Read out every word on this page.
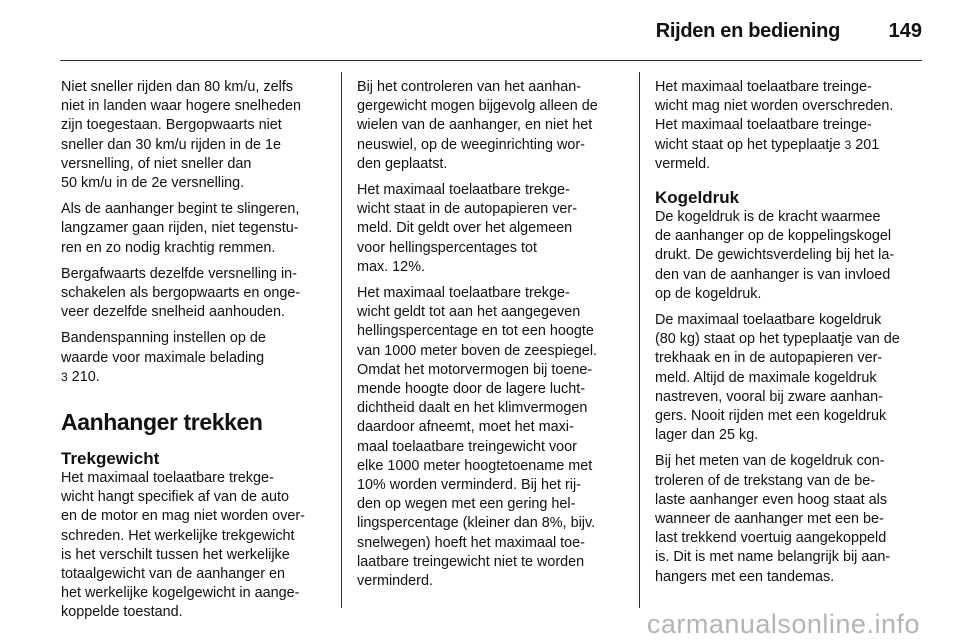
Rijden en bediening 149

Niet sneller rijden dan 80 km/u, zelfs
niet in landen waar hogere snelheden
zijn toegestaan. Bergopwaarts niet
sneller dan 30 km/u rijden in de 1e
versnelling, of niet sneller dan
50 km/u in de 2e versnelling.

Als de aanhanger begint te slingeren,
langzamer gaan rijden, niet tegenstu-
ren en zo nodig krachtig remmen.

Bergafwaarts dezelfde versnelling in-
schakelen als bergopwaarts en onge-
veer dezelfde snelheid aanhouden.

Bandenspanning instellen op de
waarde voor maximale belading
3 210.

Aanhanger trekken
Trekgewicht

Het maximaal toelaatbare trekge-
wicht hangt specifiek af van de auto
en de motor en mag niet worden over-
schreden. Het werkelijke trekgewicht
is het verschilt tussen het werkelijke
totaalgewicht van de aanhanger en
het werkelijke kogelgewicht in aange-
koppelde toestand.

Bij het controleren van het aanhan-
gergewicht mogen bijgevolg alleen de
wielen van de aanhanger, en niet het
neuswiel, op de weeginrichting wor-
den geplaatst.

Het maximaal toelaatbare trekge-
wicht staat in de autopapieren ver-
meld. Dit geldt over het algemeen
voor hellingspercentages tot
max. 12%.

Het maximaal toelaatbare trekge-
wicht geldt tot aan het aangegeven
hellingspercentage en tot een hoogte
van 1000 meter boven de zeespiegel.
Omdat het motorvermogen bij toene-
mende hoogte door de lagere lucht-
dichtheid daalt en het klimvermogen
daardoor afneemt, moet het maxi-
maal toelaatbare treingewicht voor
elke 1000 meter hoogtetoename met
10% worden verminderd. Bij het rij-
den op wegen met een gering hel-
lingspercentage (kleiner dan 8%, bijv.
snelwegen) hoeft het maximaal toe-
laatbare treingewicht niet te worden
verminderd.

Het maximaal toelaatbare treinge-
wicht mag niet worden overschreden.
Het maximaal toelaatbare treinge-
wicht staat op het typeplaatje 3 201
vermeld.

Kogeldruk

De kogeldruk is de kracht waarmee
de aanhanger op de koppelingskogel
drukt. De gewichtsverdeling bij het la-
den van de aanhanger is van invloed
op de kogeldruk.

De maximaal toelaatbare kogeldruk
(80 kg) staat op het typeplaatje van de
trekhaak en in de autopapieren ver-
meld. Altijd de maximale kogeldruk
nastreven, vooral bij zware aanhan-
gers. Nooit rijden met een kogeldruk
lager dan 25 kg.

Bij het meten van de kogeldruk con-
troleren of de trekstang van de be-
laste aanhanger even hoog staat als
wanneer de aanhanger met een be-
last trekkend voertuig aangekoppeld
is. Dit is met name belangrijk bij aan-
hangers met een tandemas.

carmanualsonline.info
